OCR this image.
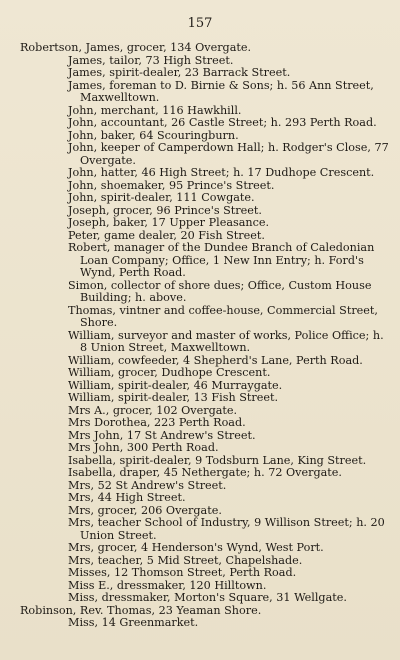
157
Robertson, James, grocer, 134 Overgate.
James, tailor, 73 High Street.
James, spirit-dealer, 23 Barrack Street.
James, foreman to D. Birnie & Sons; h. 56 Ann Street, Maxwelltown.
John, merchant, 116 Hawkhill.
John, accountant, 26 Castle Street; h. 293 Perth Road.
John, baker, 64 Scouringburn.
John, keeper of Camperdown Hall; h. Rodger's Close, 77 Overgate.
John, hatter, 46 High Street; h. 17 Dudhope Crescent.
John, shoemaker, 95 Prince's Street.
John, spirit-dealer, 111 Cowgate.
Joseph, grocer, 96 Prince's Street.
Joseph, baker, 17 Upper Pleasance.
Peter, game dealer, 20 Fish Street.
Robert, manager of the Dundee Branch of Caledonian Loan Company; Office, 1 New Inn Entry; h. Ford's Wynd, Perth Road.
Simon, collector of shore dues; Office, Custom House Building; h. above.
Thomas, vintner and coffee-house, Commercial Street, Shore.
William, surveyor and master of works, Police Office; h. 8 Union Street, Maxwelltown.
William, cowfeeder, 4 Shepherd's Lane, Perth Road.
William, grocer, Dudhope Crescent.
William, spirit-dealer, 46 Murraygate.
William, spirit-dealer, 13 Fish Street.
Mrs A., grocer, 102 Overgate.
Mrs Dorothea, 223 Perth Road.
Mrs John, 17 St Andrew's Street.
Mrs John, 300 Perth Road.
Isabella, spirit-dealer, 9 Todsburn Lane, King Street.
Isabella, draper, 45 Nethergate; h. 72 Overgate.
Mrs, 52 St Andrew's Street.
Mrs, 44 High Street.
Mrs, grocer, 206 Overgate.
Mrs, teacher School of Industry, 9 Willison Street; h. 20 Union Street.
Mrs, grocer, 4 Henderson's Wynd, West Port.
Mrs, teacher, 5 Mid Street, Chapelshade.
Misses, 12 Thomson Street, Perth Road.
Miss E., dressmaker, 120 Hilltown.
Miss, dressmaker, Morton's Square, 31 Wellgate.
Robinson, Rev. Thomas, 23 Yeaman Shore.
Miss, 14 Greenmarket.
